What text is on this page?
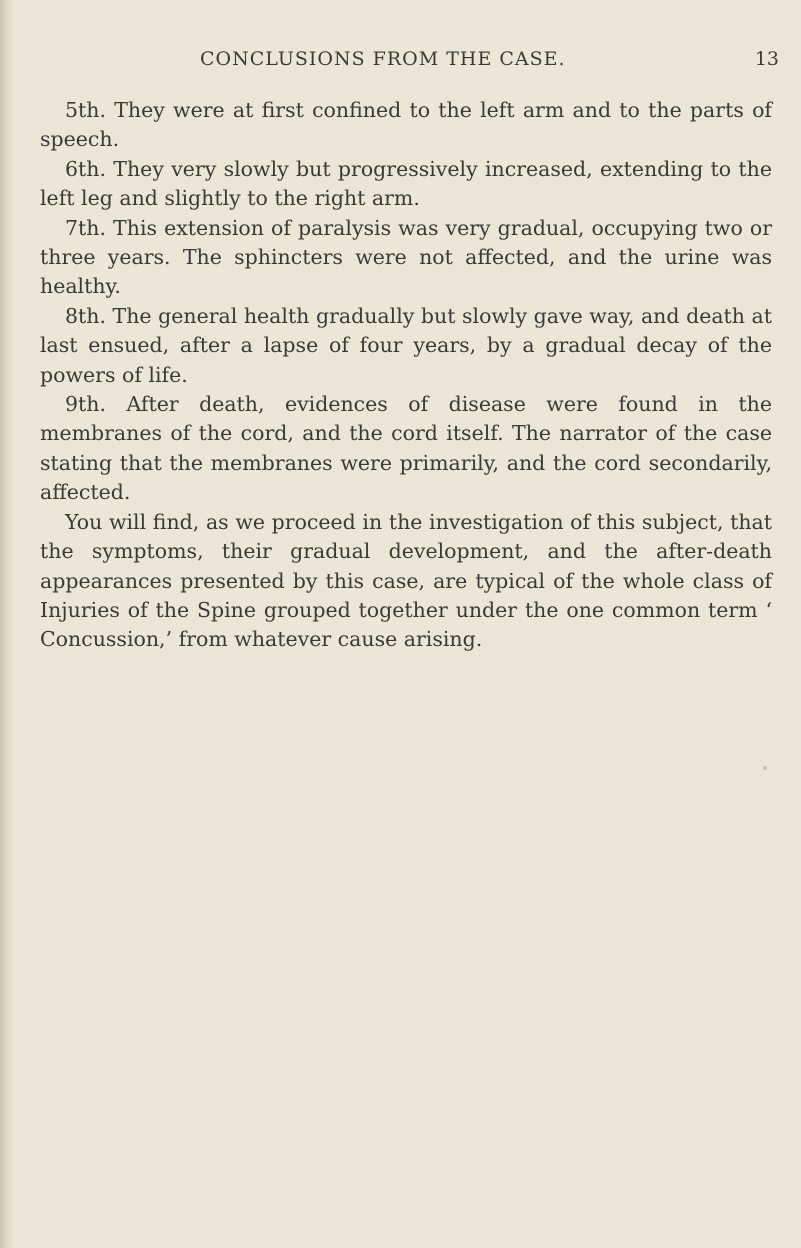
CONCLUSIONS FROM THE CASE.	13

5th. They were at first confined to the left arm and to the parts of speech.

6th. They very slowly but progressively increased, extending to the left leg and slightly to the right arm.

7th. This extension of paralysis was very gradual, occupying two or three years. The sphincters were not affected, and the urine was healthy.

8th. The general health gradually but slowly gave way, and death at last ensued, after a lapse of four years, by a gradual decay of the powers of life.

9th. After death, evidences of disease were found in the membranes of the cord, and the cord itself. The narrator of the case stating that the membranes were primarily, and the cord secondarily, affected.

You will find, as we proceed in the investigation of this subject, that the symptoms, their gradual development, and the after-death appearances presented by this case, are typical of the whole class of Injuries of the Spine grouped together under the one common term ‘ Concussion,’ from whatever cause arising.
